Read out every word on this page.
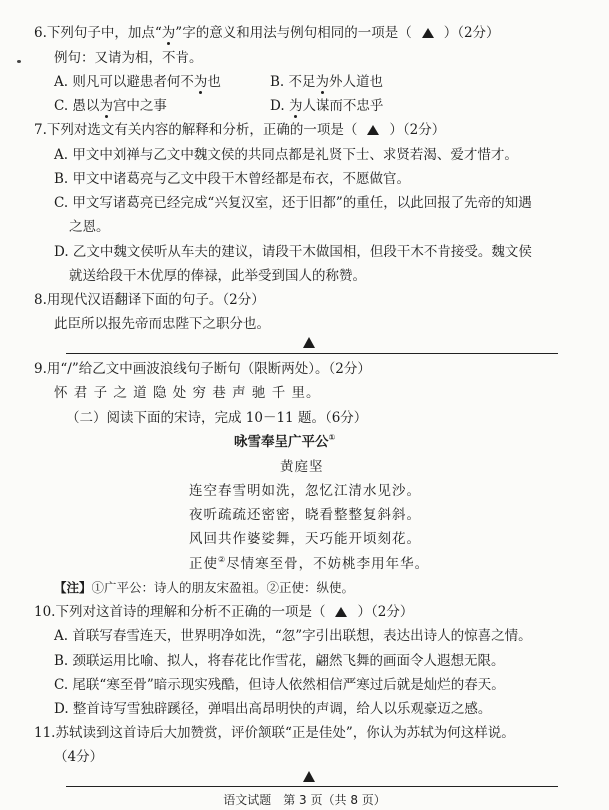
6.下列句子中，加点“为”字的意义和用法与例句相同的一项是（ ）（2分）
例句：又请为相，不肯。
A. 则凡可以避患者何不为也	B. 不足为外人道也
C. 愚以为宫中之事	D. 为人谋而不忠乎
7.下列对选文有关内容的解释和分析，正确的一项是（ ）（2分）
A. 甲文中刘禅与乙文中魏文侯的共同点都是礼贤下士、求贤若渴、爱才惜才。
B. 甲文中诸葛亮与乙文中段干木曾经都是布衣，不愿做官。
C. 甲文写诸葛亮已经完成“兴复汉室，还于旧都”的重任，以此回报了先帝的知遇
之恩。
D. 乙文中魏文侯听从车夫的建议，请段干木做国相，但段干木不肯接受。魏文侯
就送给段干木优厚的俸禄，此举受到国人的称赞。
8.用现代汉语翻译下面的句子。（2分）
此臣所以报先帝而忠陛下之职分也。
9.用“/”给乙文中画波浪线句子断句（限断两处）。（2分）
怀 君 子 之 道 隐 处 穷 巷 声 驰 千 里。
（二）阅读下面的宋诗，完成 10－11 题。（6分）
咏雪奉呈广平公①
黄庭坚
连空春雪明如洗，忽忆江清水见沙。
夜听疏疏还密密，晓看整整复斜斜。
风回共作婆娑舞，天巧能开顷刻花。
正使②尽情寒至骨，不妨桃李用年华。
【注】①广平公：诗人的朋友宋盈祖。②正使：纵使。
10.下列对这首诗的理解和分析不正确的一项是（ ）（2分）
A. 首联写春雪连天，世界明净如洗，“忽”字引出联想，表达出诗人的惊喜之情。
B. 颈联运用比喻、拟人，将春花比作雪花，翩然飞舞的画面令人遐想无限。
C. 尾联“寒至骨”暗示现实残酷，但诗人依然相信严寒过后就是灿烂的春天。
D. 整首诗写雪独辟蹊径，弹唱出高昂明快的声调，给人以乐观豪迈之感。
11.苏轼读到这首诗后大加赞赏，评价颔联“正是佳处”，你认为苏轼为何这样说。
（4分）
语文试题　第 3 页（共 8 页）
